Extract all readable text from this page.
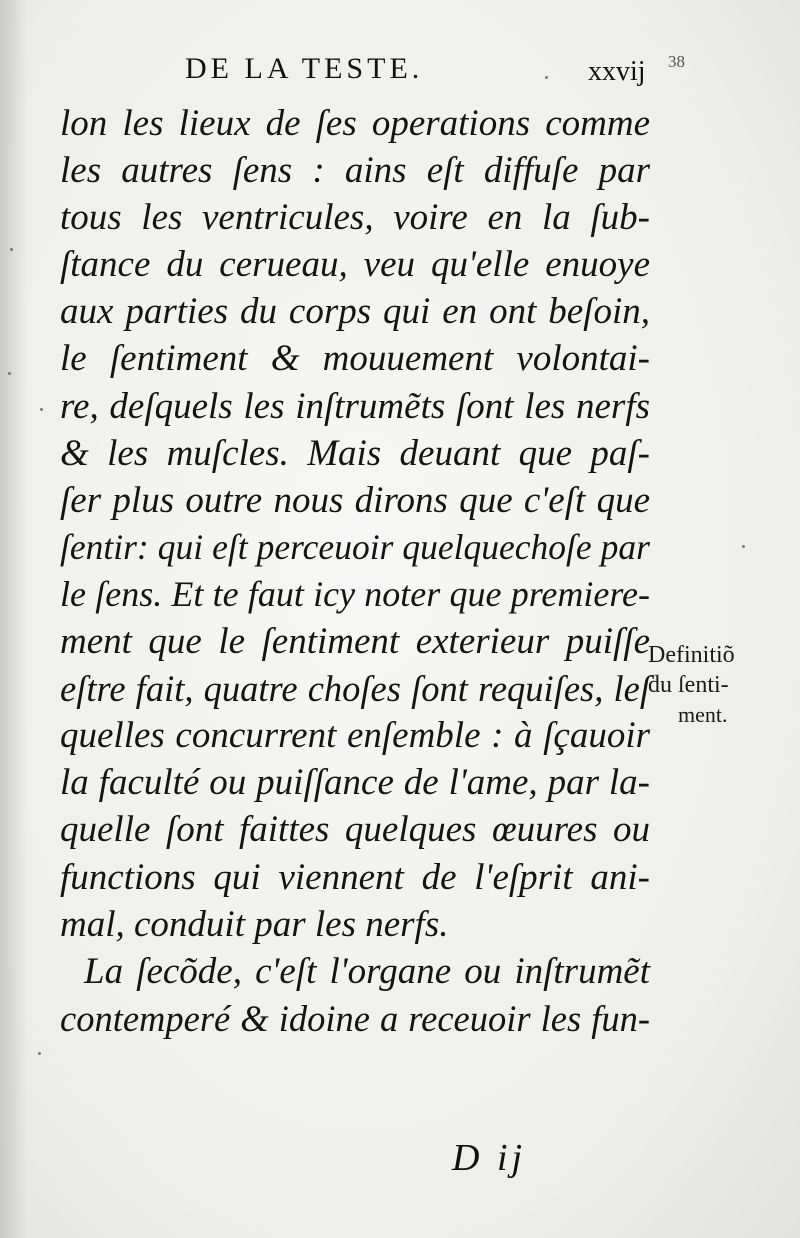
DE LA TESTE.	xxvij 38
lon les lieux de ſes operations comme
les autres ſens : ains eſt diffuſe par
tous les ventricules, voire en la ſub-
ſtance du cerueau, veu qu'elle enuoye
aux parties du corps qui en ont beſoin,
le ſentiment & mouuement volontai-
re, deſquels les inſtrumẽts ſont les nerfs
& les muſcles. Mais deuant que paſ-
ſer plus outre nous dirons que c'eſt que
ſentir: qui eſt perceuoir quelquechoſe par
le ſens. Et te faut icy noter que premiere-
ment que le ſentiment exterieur puiſſe
eſtre fait, quatre choſes ſont requiſes, leſ
quelles concurrent enſemble : à ſçauoir
la faculté ou puiſſance de l'ame, par la-
quelle ſont faittes quelques œuures ou
functions qui viennent de l'eſprit ani-
mal, conduit par les nerfs.
La ſecõde, c'eſt l'organe ou inſtrumẽt
contemperé & idoine a receuoir les fun-
Definitiõ
du ſenti-
ment.
D ij
